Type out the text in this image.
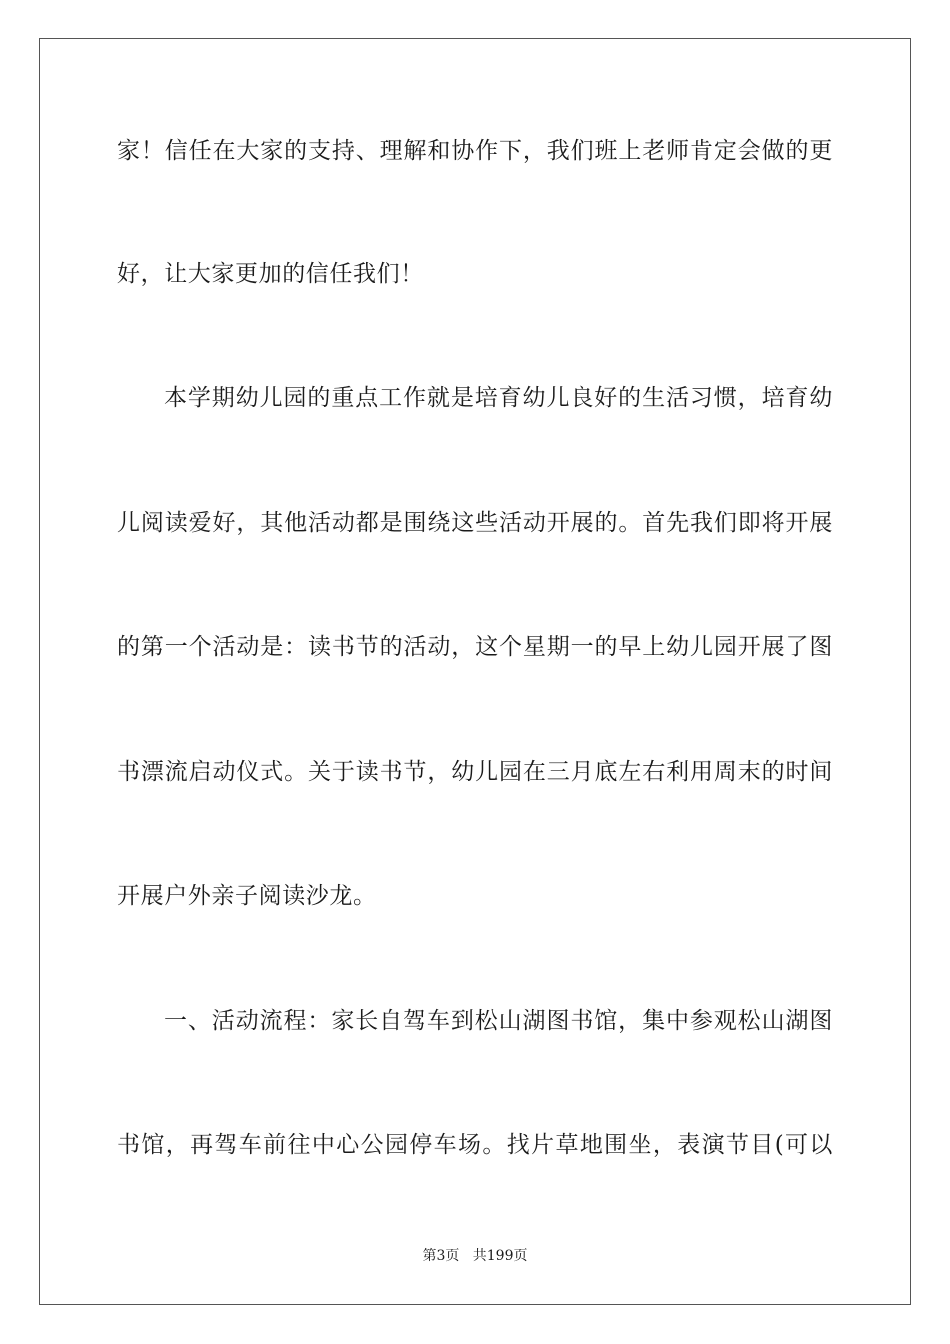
家！信任在大家的支持、理解和协作下，我们班上老师肯定会做的更
好，让大家更加的信任我们！
本学期幼儿园的重点工作就是培育幼儿良好的生活习惯，培育幼
儿阅读爱好，其他活动都是围绕这些活动开展的。首先我们即将开展
的第一个活动是：读书节的活动，这个星期一的早上幼儿园开展了图
书漂流启动仪式。关于读书节，幼儿园在三月底左右利用周末的时间
开展户外亲子阅读沙龙。
一、活动流程：家长自驾车到松山湖图书馆，集中参观松山湖图
书馆，再驾车前往中心公园停车场。找片草地围坐，表演节目(可以
第3页 共199页
